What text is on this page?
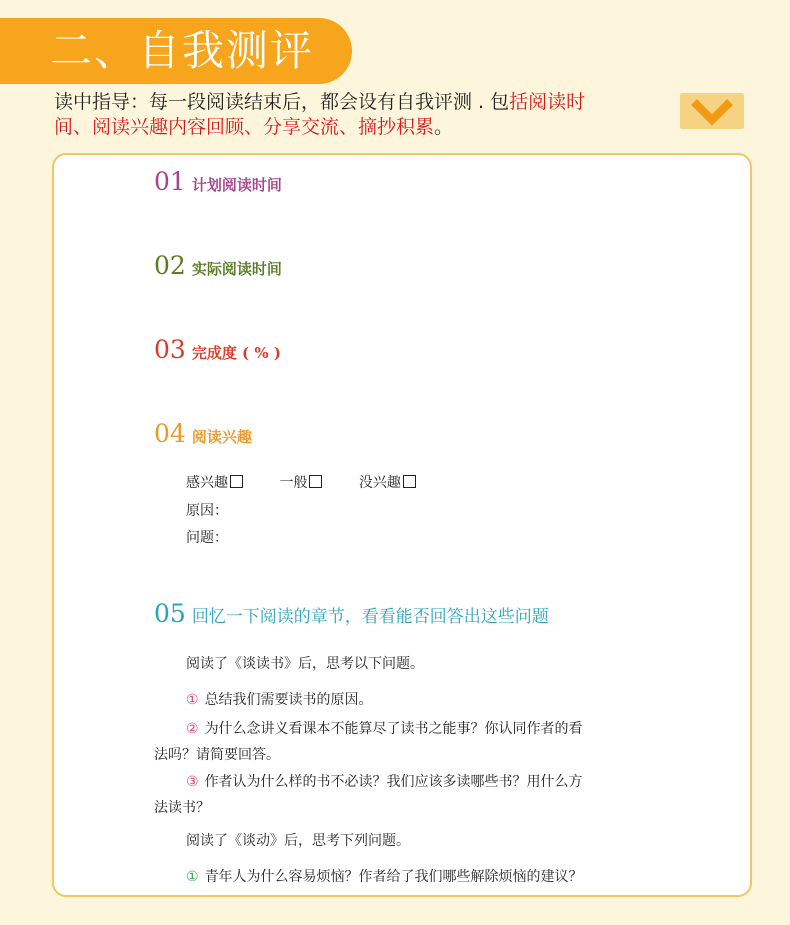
二、自我测评
读中指导：每一段阅读结束后，都会设有自我评测 . 包括阅读时
间、阅读兴趣内容回顾、分享交流、摘抄积累。
01 计划阅读时间
02 实际阅读时间
03 完成度 ( % )
04 阅读兴趣
感兴趣	一般	没兴趣
原因：
问题：
05 回忆一下阅读的章节，看看能否回答出这些问题
阅读了《谈读书》后，思考以下问题。
① 总结我们需要读书的原因。
② 为什么念讲义看课本不能算尽了读书之能事？你认同作者的看
法吗？请简要回答。
③ 作者认为什么样的书不必读？我们应该多读哪些书？用什么方
法读书？
阅读了《谈动》后，思考下列问题。
① 青年人为什么容易烦恼？作者给了我们哪些解除烦恼的建议？
